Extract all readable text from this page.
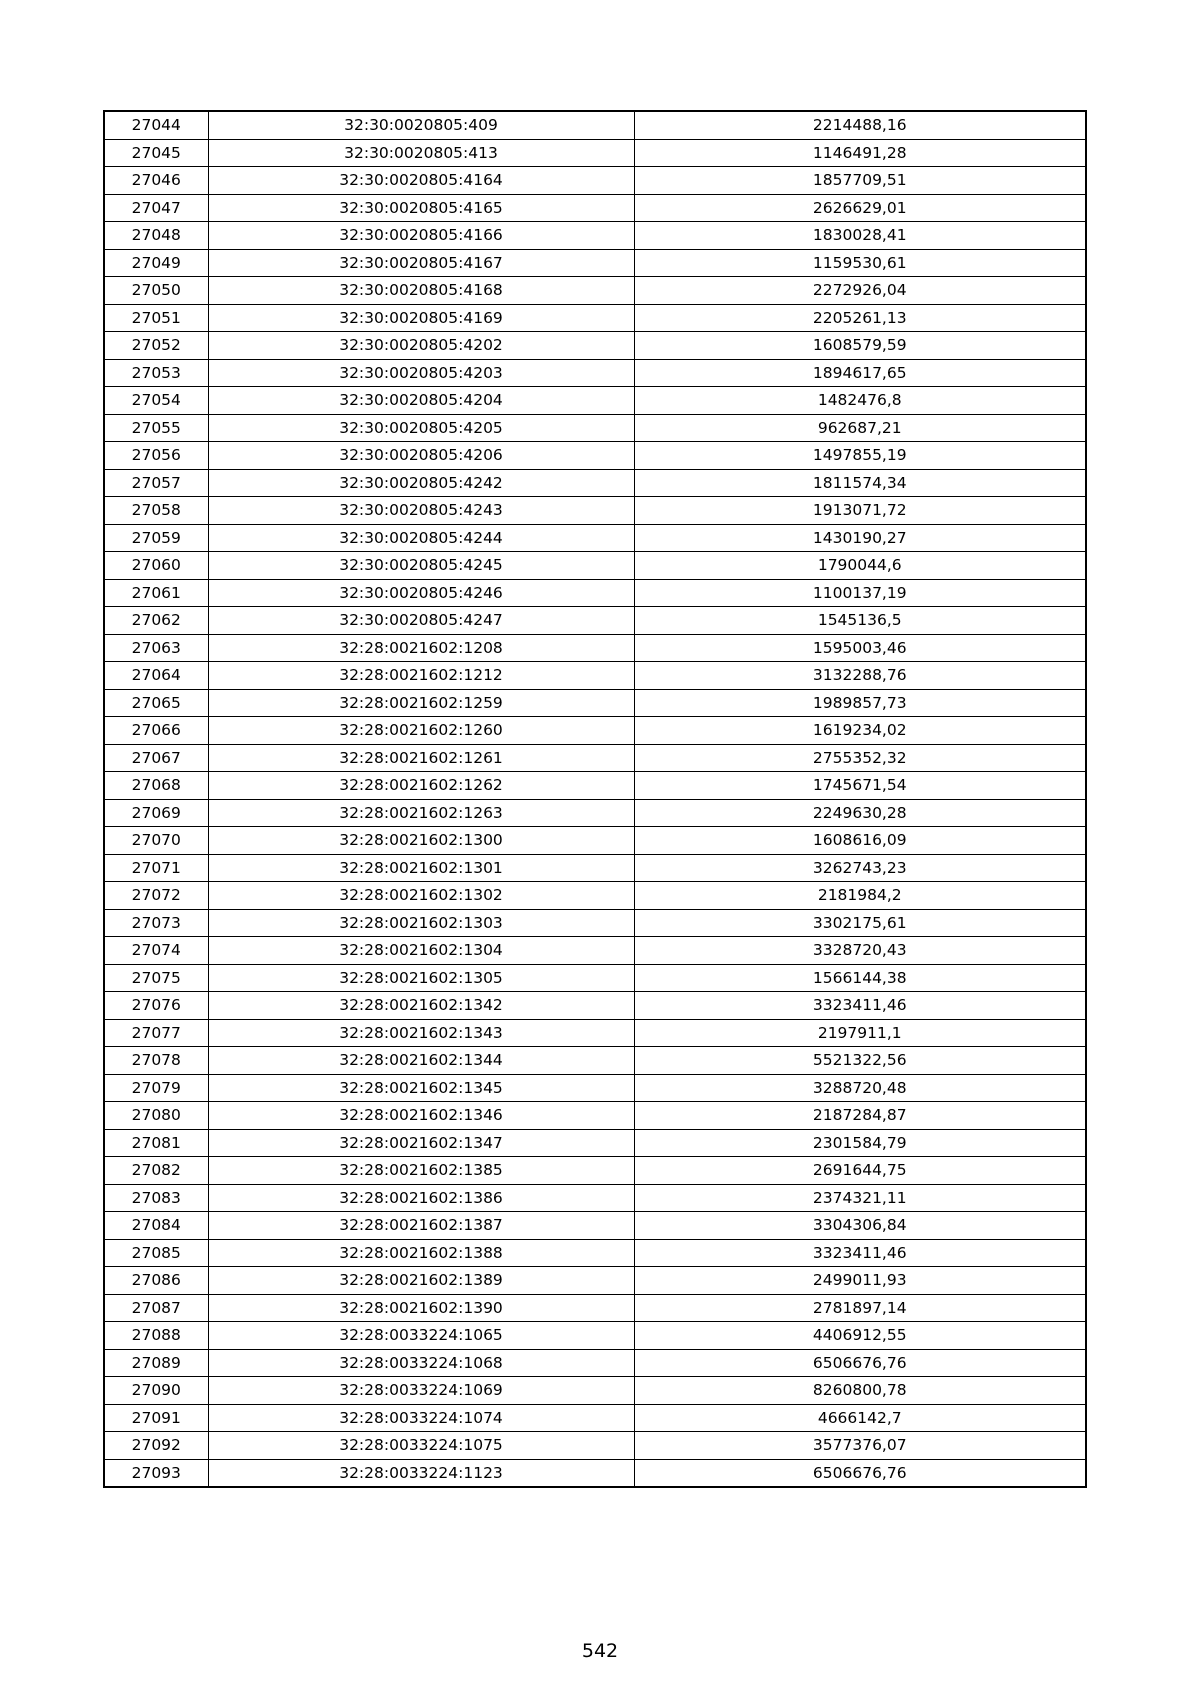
27044	32:30:0020805:409	2214488,16
27045	32:30:0020805:413	1146491,28
27046	32:30:0020805:4164	1857709,51
27047	32:30:0020805:4165	2626629,01
27048	32:30:0020805:4166	1830028,41
27049	32:30:0020805:4167	1159530,61
27050	32:30:0020805:4168	2272926,04
27051	32:30:0020805:4169	2205261,13
27052	32:30:0020805:4202	1608579,59
27053	32:30:0020805:4203	1894617,65
27054	32:30:0020805:4204	1482476,8
27055	32:30:0020805:4205	962687,21
27056	32:30:0020805:4206	1497855,19
27057	32:30:0020805:4242	1811574,34
27058	32:30:0020805:4243	1913071,72
27059	32:30:0020805:4244	1430190,27
27060	32:30:0020805:4245	1790044,6
27061	32:30:0020805:4246	1100137,19
27062	32:30:0020805:4247	1545136,5
27063	32:28:0021602:1208	1595003,46
27064	32:28:0021602:1212	3132288,76
27065	32:28:0021602:1259	1989857,73
27066	32:28:0021602:1260	1619234,02
27067	32:28:0021602:1261	2755352,32
27068	32:28:0021602:1262	1745671,54
27069	32:28:0021602:1263	2249630,28
27070	32:28:0021602:1300	1608616,09
27071	32:28:0021602:1301	3262743,23
27072	32:28:0021602:1302	2181984,2
27073	32:28:0021602:1303	3302175,61
27074	32:28:0021602:1304	3328720,43
27075	32:28:0021602:1305	1566144,38
27076	32:28:0021602:1342	3323411,46
27077	32:28:0021602:1343	2197911,1
27078	32:28:0021602:1344	5521322,56
27079	32:28:0021602:1345	3288720,48
27080	32:28:0021602:1346	2187284,87
27081	32:28:0021602:1347	2301584,79
27082	32:28:0021602:1385	2691644,75
27083	32:28:0021602:1386	2374321,11
27084	32:28:0021602:1387	3304306,84
27085	32:28:0021602:1388	3323411,46
27086	32:28:0021602:1389	2499011,93
27087	32:28:0021602:1390	2781897,14
27088	32:28:0033224:1065	4406912,55
27089	32:28:0033224:1068	6506676,76
27090	32:28:0033224:1069	8260800,78
27091	32:28:0033224:1074	4666142,7
27092	32:28:0033224:1075	3577376,07
27093	32:28:0033224:1123	6506676,76
542
